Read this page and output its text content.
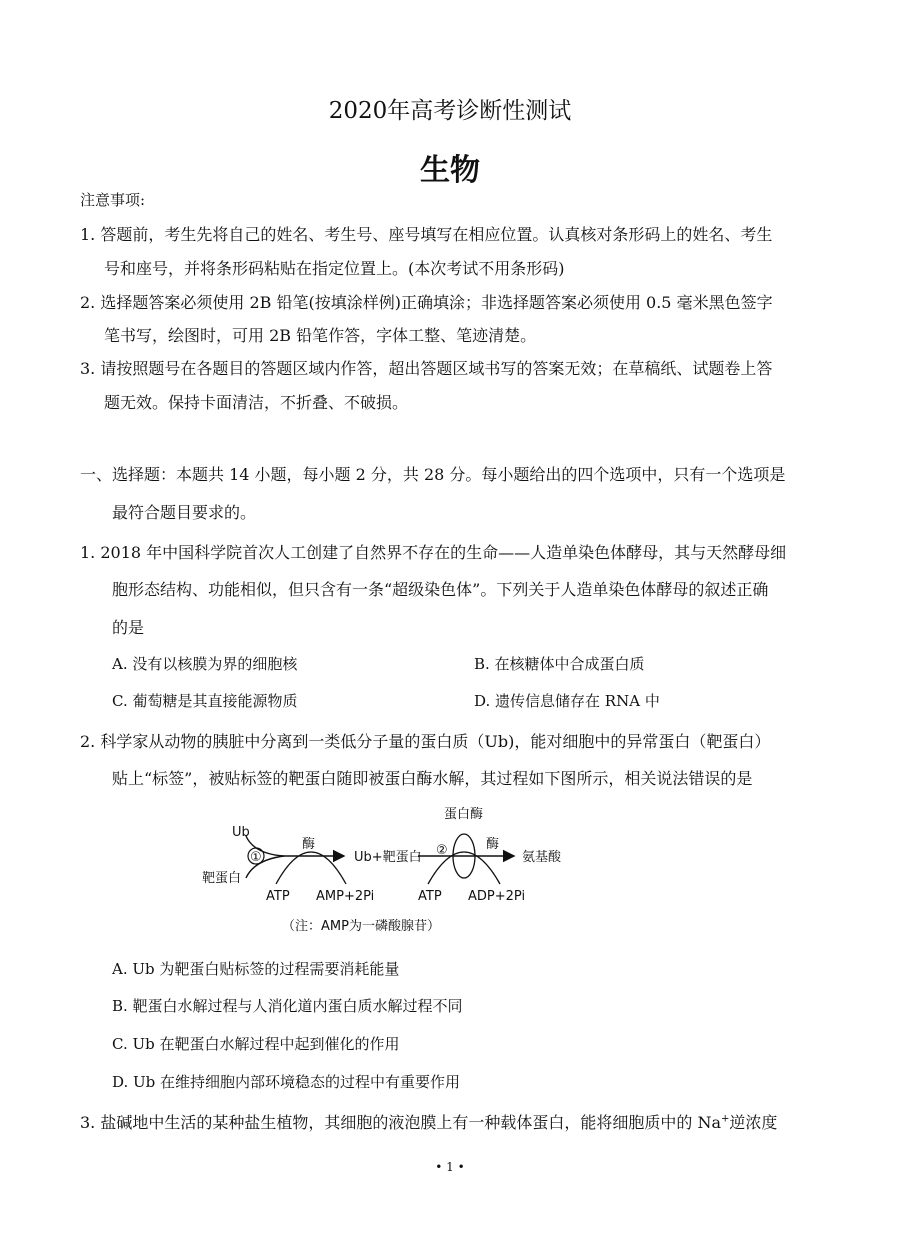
2020年高考诊断性测试
生物
注意事项:
1. 答题前，考生先将自己的姓名、考生号、座号填写在相应位置。认真核对条形码上的姓名、考生
号和座号，并将条形码粘贴在指定位置上。(本次考试不用条形码)
2. 选择题答案必须使用 2B 铅笔(按填涂样例)正确填涂；非选择题答案必须使用 0.5 毫米黑色签字
笔书写，绘图时，可用 2B 铅笔作答，字体工整、笔迹清楚。
3. 请按照题号在各题目的答题区域内作答，超出答题区域书写的答案无效；在草稿纸、试题卷上答
题无效。保持卡面清洁，不折叠、不破损。
一、选择题：本题共 14 小题，每小题 2 分，共 28 分。每小题给出的四个选项中，只有一个选项是
最符合题目要求的。
1. 2018 年中国科学院首次人工创建了自然界不存在的生命——人造单染色体酵母，其与天然酵母细
胞形态结构、功能相似，但只含有一条“超级染色体”。下列关于人造单染色体酵母的叙述正确
的是
A. 没有以核膜为界的细胞核	B. 在核糖体中合成蛋白质
C. 葡萄糖是其直接能源物质	D. 遗传信息储存在 RNA 中
2. 科学家从动物的胰脏中分离到一类低分子量的蛋白质（Ub)，能对细胞中的异常蛋白（靶蛋白）
贴上“标签”，被贴标签的靶蛋白随即被蛋白酶水解，其过程如下图所示，相关说法错误的是
Ub
靶蛋白
①
酶
ATP AMP+2Pi
Ub+靶蛋白
蛋白酶
②	酶
氨基酸
ATP ADP+2Pi
（注：AMP为一磷酸腺苷）
A. Ub 为靶蛋白贴标签的过程需要消耗能量
B. 靶蛋白水解过程与人消化道内蛋白质水解过程不同
C. Ub 在靶蛋白水解过程中起到催化的作用
D. Ub 在维持细胞内部环境稳态的过程中有重要作用
3. 盐碱地中生活的某种盐生植物，其细胞的液泡膜上有一种载体蛋白，能将细胞质中的 Na+逆浓度
• 1 •
